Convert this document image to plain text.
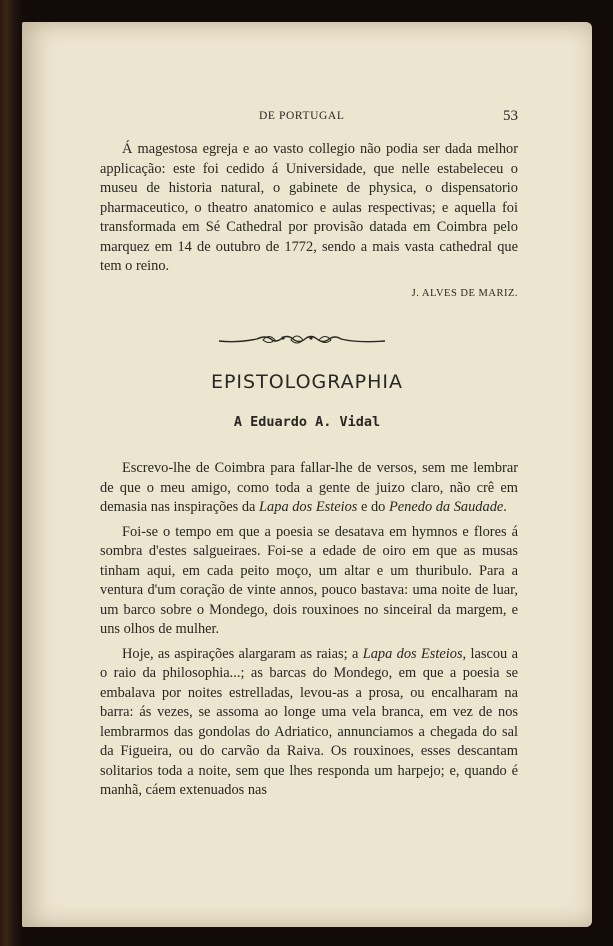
DE PORTUGAL	53

Á magestosa egreja e ao vasto collegio não podia ser dada melhor applicação: este foi cedido á Universidade, que nelle estabeleceu o museu de historia natural, o gabinete de physica, o dispensatorio pharmaceutico, o theatro anatomico e aulas respectivas; e aquella foi transformada em Sé Cathedral por provisão datada em Coimbra pelo marquez em 14 de outubro de 1772, sendo a mais vasta cathedral que tem o reino.

J. ALVES DE MARIZ.
EPISTOLOGRAPHIA
A Eduardo A. Vidal

Escrevo-lhe de Coimbra para fallar-lhe de versos, sem me lembrar de que o meu amigo, como toda a gente de juizo claro, não crê em demasia nas inspirações da Lapa dos Esteios e do Penedo da Saudade.

Foi-se o tempo em que a poesia se desatava em hymnos e flores á sombra d'estes salgueiraes. Foi-se a edade de oiro em que as musas tinham aqui, em cada peito moço, um altar e um thuribulo. Para a ventura d'um coração de vinte annos, pouco bastava: uma noite de luar, um barco sobre o Mondego, dois rouxinoes no sinceiral da margem, e uns olhos de mulher.

Hoje, as aspirações alargaram as raias; a Lapa dos Esteios, lascou a o raio da philosophia...; as barcas do Mondego, em que a poesia se embalava por noites estrelladas, levou-as a prosa, ou encalharam na barra: ás vezes, se assoma ao longe uma vela branca, em vez de nos lembrarmos das gondolas do Adriatico, annunciamos a chegada do sal da Figueira, ou do carvão da Raiva. Os rouxinoes, esses descantam solitarios toda a noite, sem que lhes responda um harpejo; e, quando é manhã, cáem extenuados nas
